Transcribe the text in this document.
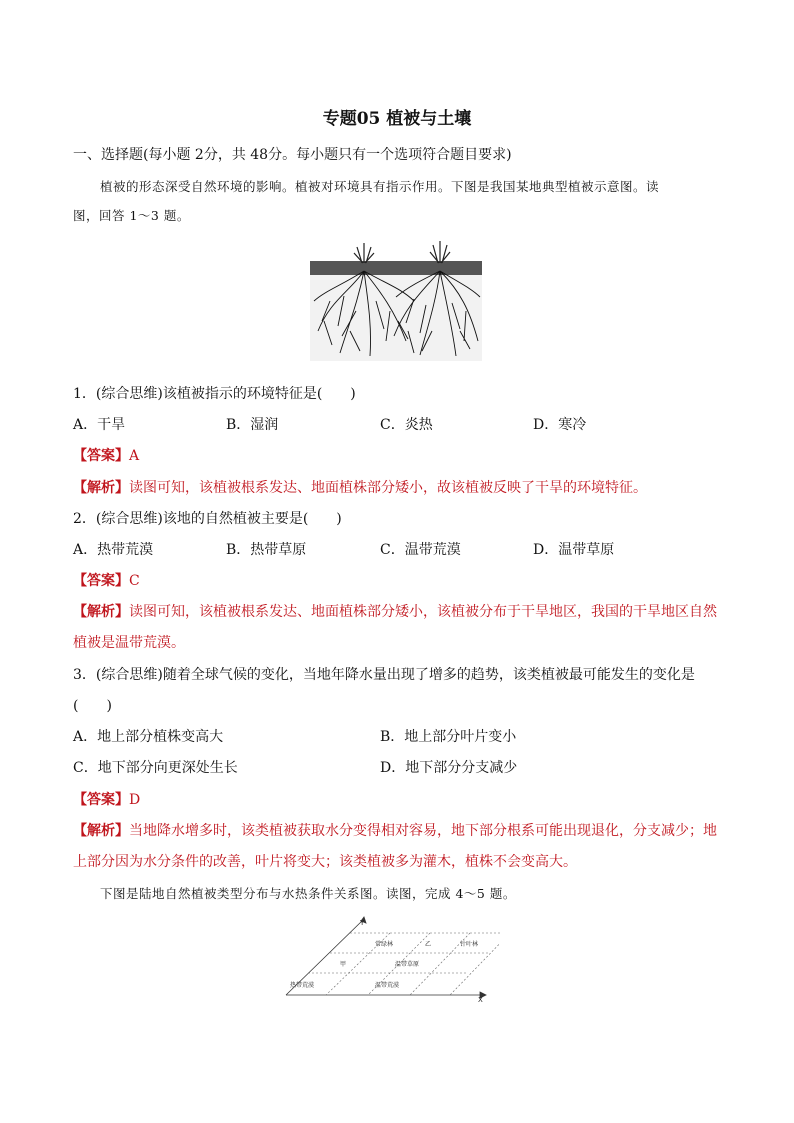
专题05 植被与土壤
一、选择题(每小题 2分，共 48分。每小题只有一个选项符合题目要求)
植被的形态深受自然环境的影响。植被对环境具有指示作用。下图是我国某地典型植被示意图。读
图，回答 1～3 题。
1．(综合思维)该植被指示的环境特征是(　　)
A．干旱	B．湿润	C．炎热	D．寒冷
【答案】A
【解析】读图可知，该植被根系发达、地面植株部分矮小，故该植被反映了干旱的环境特征。
2．(综合思维)该地的自然植被主要是(　　)
A．热带荒漠	B．热带草原	C．温带荒漠	D．温带草原
【答案】C
【解析】读图可知，该植被根系发达、地面植株部分矮小，该植被分布于干旱地区，我国的干旱地区自然
植被是温带荒漠。
3．(综合思维)随着全球气候的变化，当地年降水量出现了增多的趋势，该类植被最可能发生的变化是
(　　)
A．地上部分植株变高大	B．地上部分叶片变小
C．地下部分向更深处生长	D．地下部分分支减少
【答案】D
【解析】当地降水增多时，该类植被获取水分变得相对容易，地下部分根系可能出现退化，分支减少；地
上部分因为水分条件的改善，叶片将变大；该类植被多为灌木，植株不会变高大。
下图是陆地自然植被类型分布与水热条件关系图。读图，完成 4～5 题。
Y
X
常绿林	乙	针叶林
甲	温带草原
热带荒漠	温带荒漠
